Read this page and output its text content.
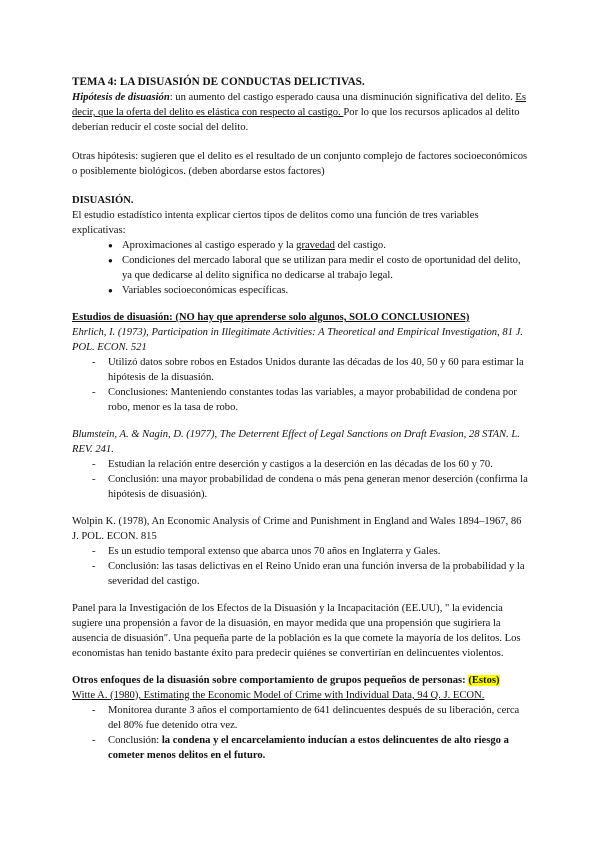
TEMA 4: LA DISUASIÓN DE CONDUCTAS DELICTIVAS.

Hipótesis de disuasión: un aumento del castigo esperado causa una disminución significativa del delito. Es decir, que la oferta del delito es elástica con respecto al castigo. Por lo que los recursos aplicados al delito deberían reducir el coste social del delito.

Otras hipótesis: sugieren que el delito es el resultado de un conjunto complejo de factores socioeconómicos o posiblemente biológicos. (deben abordarse estos factores)

DISUASIÓN.

El estudio estadístico intenta explicar ciertos tipos de delitos como una función de tres variables explicativas:

● Aproximaciones al castigo esperado y la gravedad del castigo.
● Condiciones del mercado laboral que se utilizan para medir el costo de oportunidad del delito, ya que dedicarse al delito significa no dedicarse al trabajo legal.
● Variables socioeconómicas específicas.

Estudios de disuasión: (NO hay que aprenderse solo algunos, SOLO CONCLUSIONES)

Ehrlich, I. (1973), Participation in Illegitimate Activities: A Theoretical and Empirical Investigation, 81 J. POL. ECON. 521

- Utilizó datos sobre robos en Estados Unidos durante las décadas de los 40, 50 y 60 para estimar la hipótesis de la disuasión.
- Conclusiones: Manteniendo constantes todas las variables, a mayor probabilidad de condena por robo, menor es la tasa de robo.

Blumstein, A. & Nagin, D. (1977), The Deterrent Effect of Legal Sanctions on Draft Evasion, 28 STAN. L. REV. 241.

- Estudian la relación entre deserción y castigos a la deserción en las décadas de los 60 y 70.
- Conclusión: una mayor probabilidad de condena o más pena generan menor deserción (confirma la hipótesis de disuasión).

Wolpin K. (1978), An Economic Analysis of Crime and Punishment in England and Wales 1894–1967, 86 J. POL. ECON. 815

- Es un estudio temporal extenso que abarca unos 70 años en Inglaterra y Gales.
- Conclusión: las tasas delictivas en el Reino Unido eran una función inversa de la probabilidad y la severidad del castigo.

Panel para la Investigación de los Efectos de la Disuasión y la Incapacitación (EE.UU), " la evidencia sugiere una propensión a favor de la disuasión, en mayor medida que una propensión que sugiriera la ausencia de disuasión". Una pequeña parte de la población es la que comete la mayoría de los delitos. Los economistas han tenido bastante éxito para predecir quiénes se convertirían en delincuentes violentos.

Otros enfoques de la disuasión sobre comportamiento de grupos pequeños de personas: (Estos)

Witte A. (1980), Estimating the Economic Model of Crime with Individual Data, 94 Q. J. ECON.

- Monitorea durante 3 años el comportamiento de 641 delincuentes después de su liberación, cerca del 80% fue detenido otra vez.
- Conclusión: la condena y el encarcelamiento inducían a estos delincuentes de alto riesgo a cometer menos delitos en el futuro.
